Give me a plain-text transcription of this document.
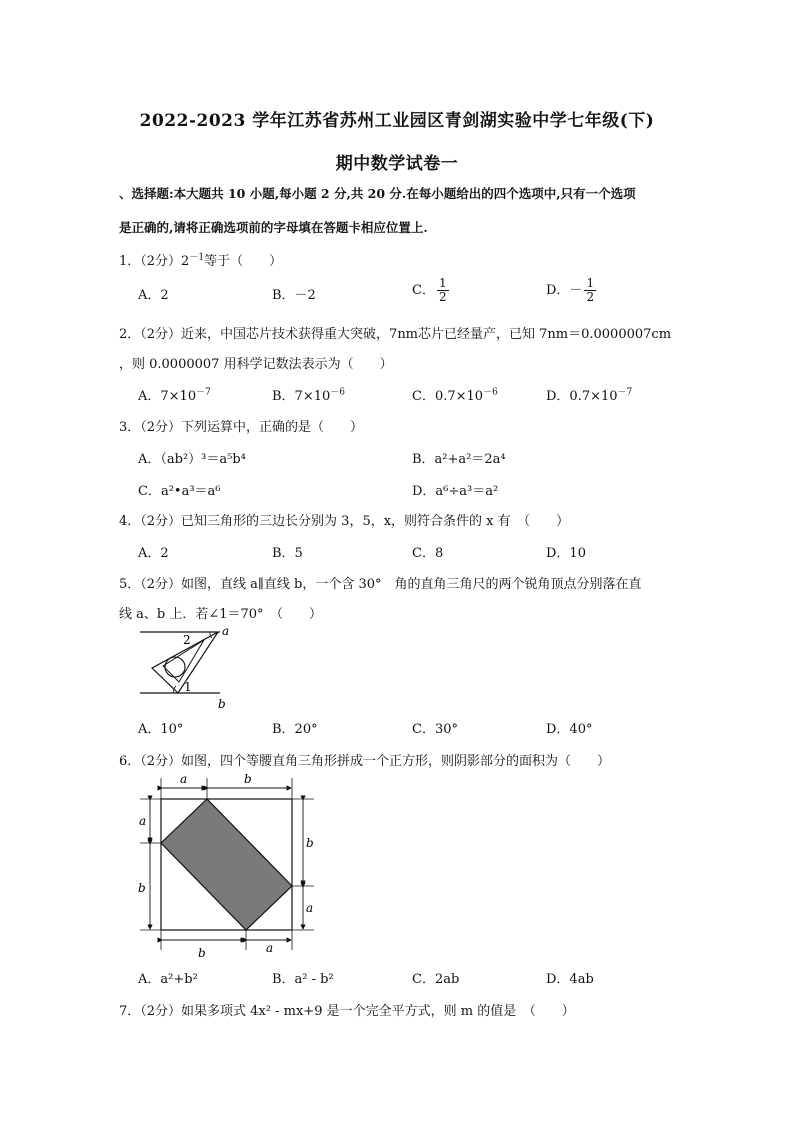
2022-2023 学年江苏省苏州工业园区青剑湖实验中学七年级(下)
期中数学试卷一
、选择题:本大题共 10 小题,每小题 2 分,共 20 分.在每小题给出的四个选项中,只有一个选项
是正确的,请将正确选项前的字母填在答题卡相应位置上.
1．（2分）$2^{-1}$等于（　　）
A．2	B．－2	C． $\frac{1}{2}$	D．－ $\frac{1}{2}$
2．（2分）近来，中国芯片技术获得重大突破，7nm芯片已经量产，已知 7nm＝0.0000007cm
，则 0.0000007 用科学记数法表示为（　　）
A．$7\times 10^{-7}$	B．$7\times 10^{-6}$	C．$0.7\times 10^{-6}$	D．$0.7\times 10^{-7}$
3．（2分）下列运算中，正确的是（　　）
A．（ab²）³＝a⁵b⁴	B．a²+a²＝2a⁴
C．a²•a³＝a⁶	D．a⁶÷a³＝a²
4．（2分）已知三角形的三边长分别为 3，5，x，则符合条件的 x 有　（　　）
A．2	B．5	C．8	D．10
5．（2分）如图，直线 a∥直线 b，一个含 30°　角的直角三角尺的两个锐角顶点分别落在直
线 a、b 上．若∠1＝70°　（　　）
2
1
a
b
A．10°	B．20°	C．30°	D．40°
6．（2分）如图，四个等腰直角三角形拼成一个正方形，则阴影部分的面积为（　　）
a	b
a
b
b
a
b	a
A．a²+b²	B．a² - b²	C．2ab	D．4ab
7．（2分）如果多项式 4x² - mx+9 是一个完全平方式，则 m 的值是　（　　）
